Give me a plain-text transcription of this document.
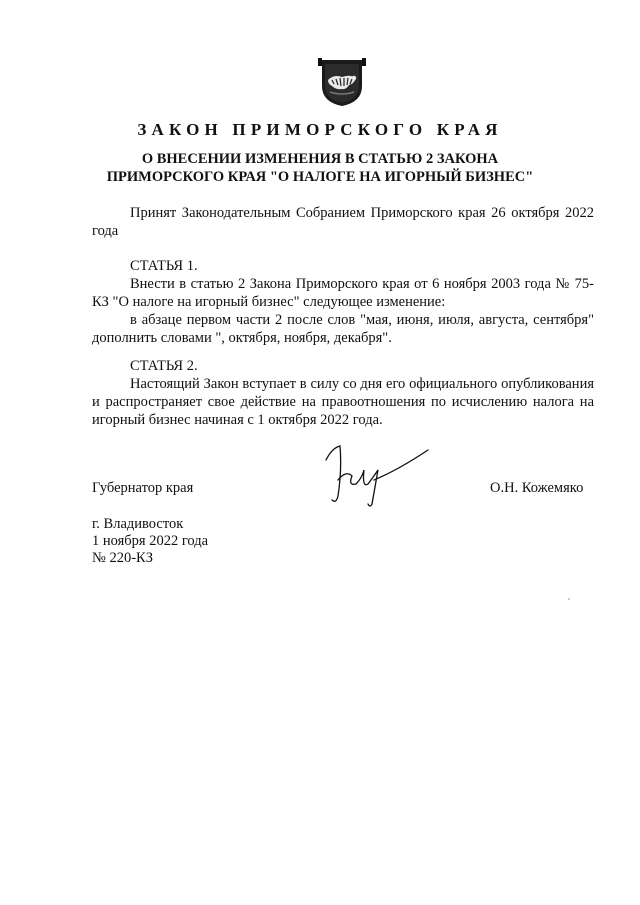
ЗАКОН ПРИМОРСКОГО КРАЯ
О ВНЕСЕНИИ ИЗМЕНЕНИЯ В СТАТЬЮ 2 ЗАКОНА
ПРИМОРСКОГО КРАЯ "О НАЛОГЕ НА ИГОРНЫЙ БИЗНЕС"

Принят Законодательным Собранием Приморского края 26 октября 2022 года

СТАТЬЯ 1.

Внести в статью 2 Закона Приморского края от 6 ноября 2003 года № 75-КЗ "О налоге на игорный бизнес" следующее изменение:

в абзаце первом части 2 после слов "мая, июня, июля, августа, сентября" дополнить словами ", октября, ноября, декабря".

СТАТЬЯ 2.

Настоящий Закон вступает в силу со дня его официального опубликования и распространяет свое действие на правоотношения по исчислению налога на игорный бизнес начиная с 1 октября 2022 года.

Губернатор края	О.Н. Кожемяко

г. Владивосток

1 ноября 2022 года

№ 220-КЗ
